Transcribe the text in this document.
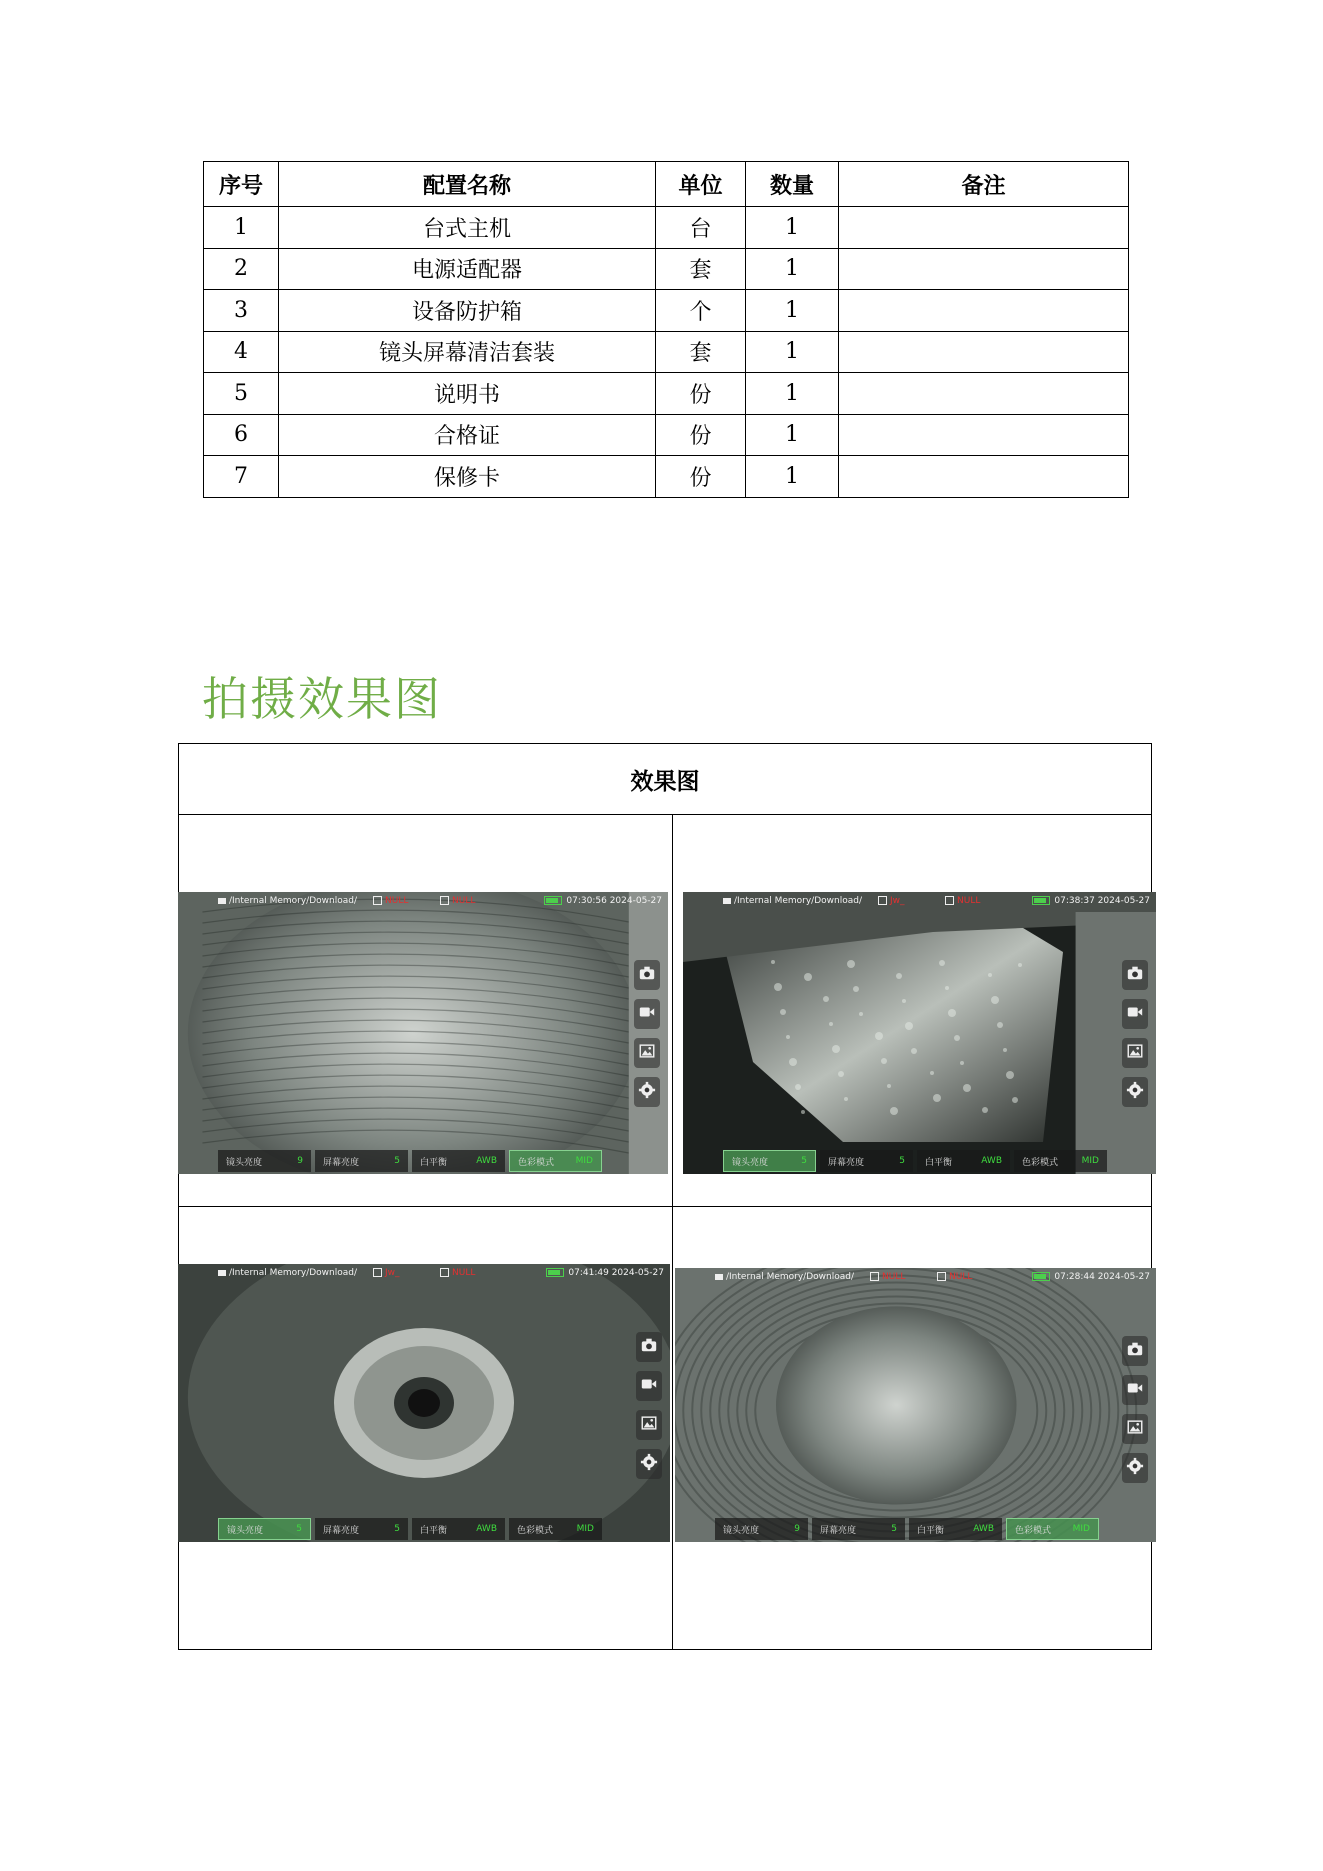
序号	配置名称	单位	数量	备注
1	台式主机	台	1	
2	电源适配器	套	1	
3	设备防护箱	个	1	
4	镜头屏幕清洁套装	套	1	
5	说明书	份	1	
6	合格证	份	1	
7	保修卡	份	1	
拍摄效果图
效果图
/Internal Memory/Download/	NULL	NULL	07:30:56 2024-05-27
镜头亮度	9 屏幕亮度	5 白平衡	AWB 色彩模式 MID
/Internal Memory/Download/	Jw_	NULL	07:38:37 2024-05-27
镜头亮度	5 屏幕亮度	5 白平衡	AWB 色彩模式	MID
/Internal Memory/Download/	Jw_	NULL	07:41:49 2024-05-27
镜头亮度	5 屏幕亮度	5 白平衡	AWB 色彩模式	MID
/Internal Memory/Download/	NULL	NULL	07:28:44 2024-05-27
镜头亮度	9 屏幕亮度	5 白平衡	AWB 色彩模式 MID
